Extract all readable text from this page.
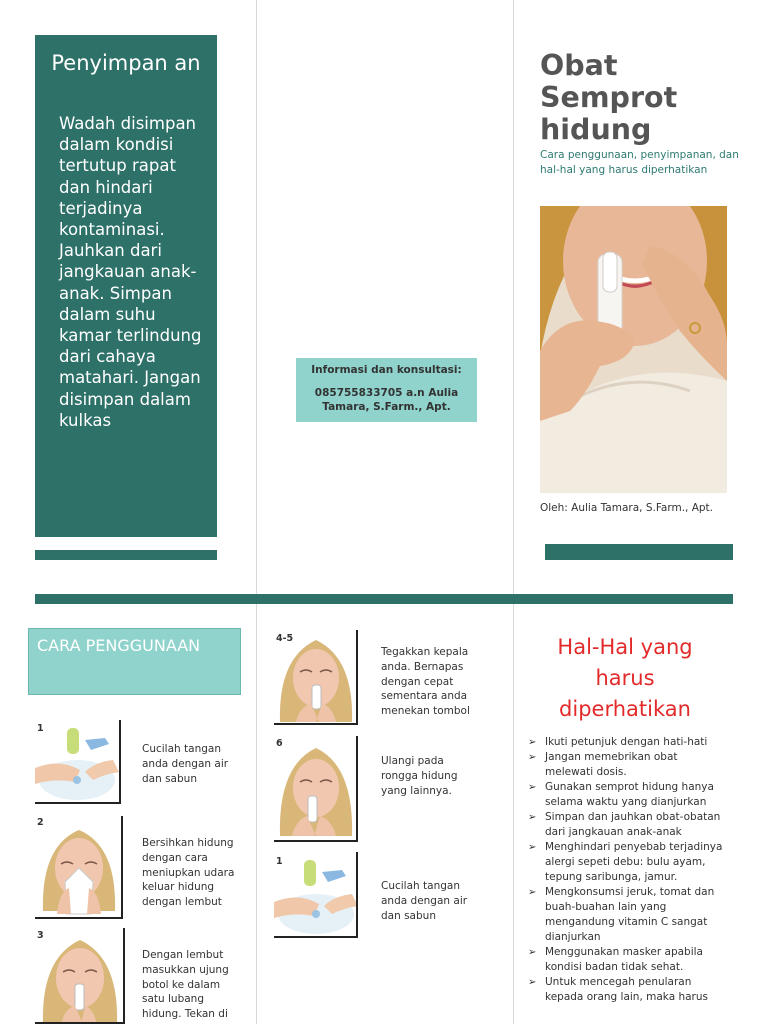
Penyimpan an
Wadah disimpan dalam kondisi tertutup rapat dan hindari terjadinya kontaminasi. Jauhkan dari jangkauan anak-anak. Simpan dalam suhu kamar terlindung dari cahaya matahari. Jangan disimpan dalam kulkas
Informasi dan konsultasi:
085755833705 a.n Aulia Tamara, S.Farm., Apt.
Obat Semprot hidung
Cara penggunaan, penyimpanan, dan hal-hal yang harus diperhatikan
Oleh: Aulia Tamara, S.Farm., Apt.
CARA PENGGUNAAN
1
Cucilah tangan anda dengan air dan sabun
2
Bersihkan hidung dengan cara meniupkan udara keluar hidung dengan lembut
3
Dengan lembut masukkan ujung botol ke dalam satu lubang hidung. Tekan di
4-5
Tegakkan kepala anda. Bernapas dengan cepat sementara anda menekan tombol
6
Ulangi pada rongga hidung yang lainnya.
1
Cucilah tangan anda dengan air dan sabun
Hal-Hal yang harus diperhatikan
➢ Ikuti petunjuk dengan hati-hati
➢ Jangan memebrikan obat melewati dosis.
➢ Gunakan semprot hidung hanya selama waktu yang dianjurkan
➢ Simpan dan jauhkan obat-obatan dari jangkauan anak-anak
➢ Menghindari penyebab terjadinya alergi sepeti debu: bulu ayam, tepung saribunga, jamur.
➢ Mengkonsumsi jeruk, tomat dan buah-buahan lain yang mengandung vitamin C sangat dianjurkan
➢ Menggunakan masker apabila kondisi badan tidak sehat.
➢ Untuk mencegah penularan kepada orang lain, maka harus
